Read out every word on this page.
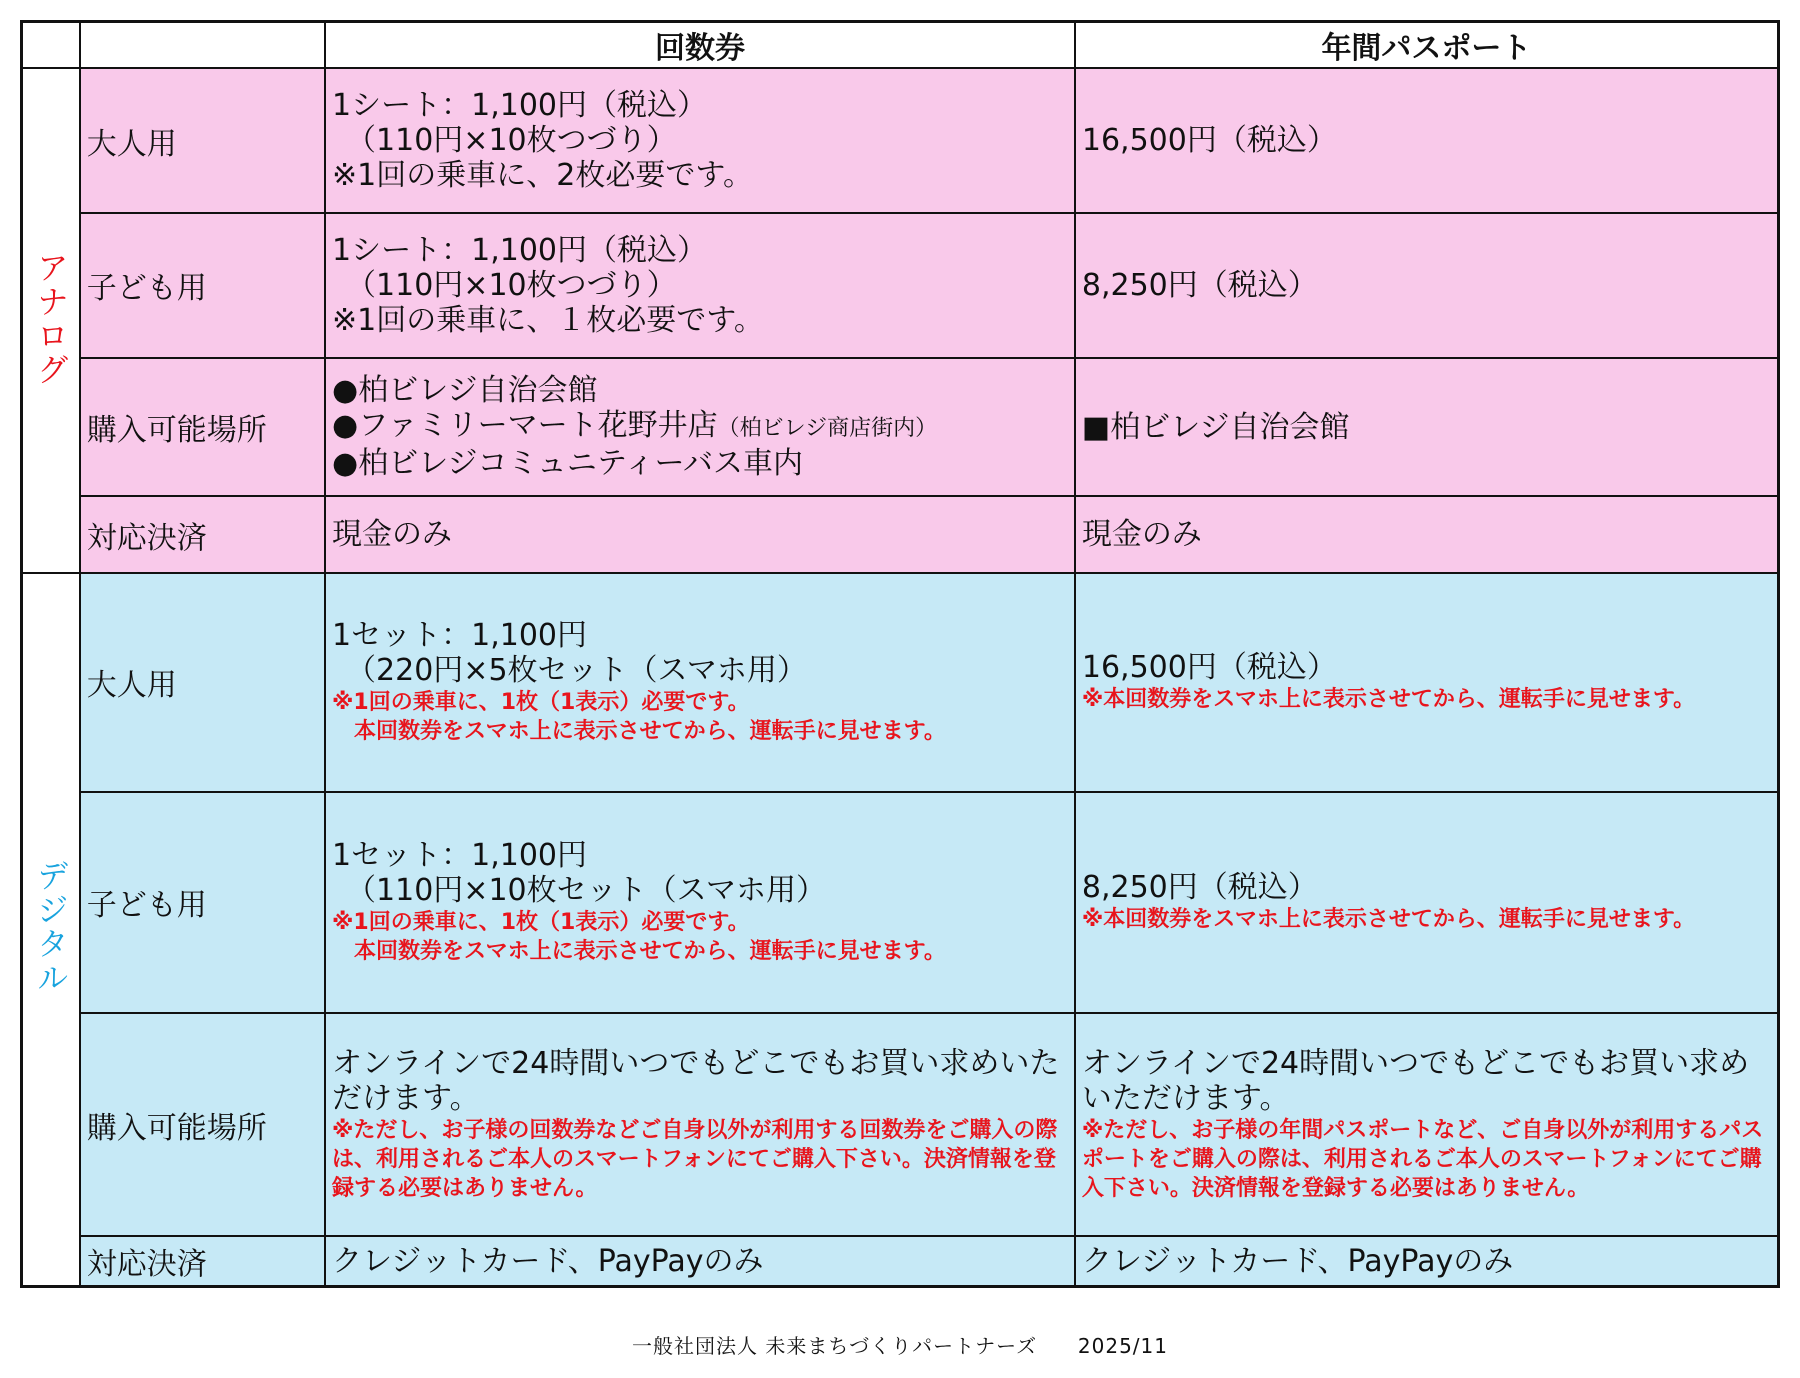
		回数券	年間パスポート
アナログ	大人用	1シート：1,100円（税込）
（110円×10枚つづり）
※1回の乗車に、2枚必要です。	16,500円（税込）

	子ども用	1シート：1,100円（税込）
（110円×10枚つづり）
※1回の乗車に、１枚必要です。	8,250円（税込）

	購入可能場所	●柏ビレジ自治会館
●ファミリーマート花野井店（柏ビレジ商店街内）
●柏ビレジコミュニティーバス車内	■柏ビレジ自治会館

	対応決済	現金のみ	現金のみ

デジタル	大人用	1セット：1,100円
（220円×5枚セット（スマホ用）
※1回の乗車に、1枚（1表示）必要です。
本回数券をスマホ上に表示させてから、運転手に見せます。	16,500円（税込）
※本回数券をスマホ上に表示させてから、運転手に見せます。

	子ども用	1セット：1,100円
（110円×10枚セット（スマホ用）
※1回の乗車に、1枚（1表示）必要です。
本回数券をスマホ上に表示させてから、運転手に見せます。	8,250円（税込）
※本回数券をスマホ上に表示させてから、運転手に見せます。

	購入可能場所	オンラインで24時間いつでもどこでもお買い求めいただけます。
※ただし、お子様の回数券などご自身以外が利用する回数券をご購入の際は、利用されるご本人のスマートフォンにてご購入下さい。決済情報を登録する必要はありません。	オンラインで24時間いつでもどこでもお買い求めいただけます。
※ただし、お子様の年間パスポートなど、ご自身以外が利用するパスポートをご購入の際は、利用されるご本人のスマートフォンにてご購入下さい。決済情報を登録する必要はありません。

	対応決済	クレジットカード、PayPayのみ	クレジットカード、PayPayのみ
一般社団法人 未来まちづくりパートナーズ 2025/11
